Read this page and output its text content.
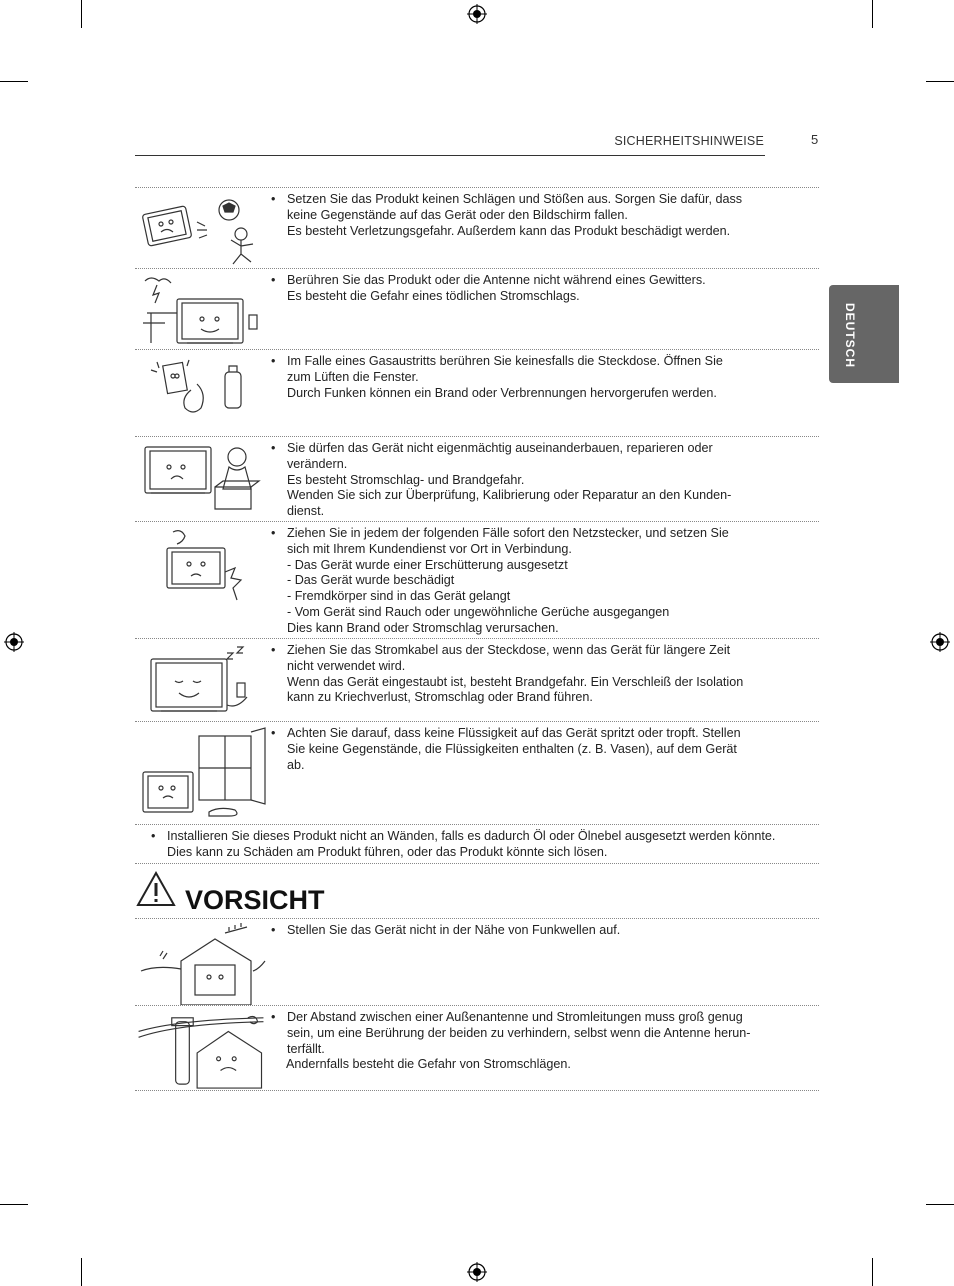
SICHERHEITSHINWEISE	5
DEUTSCH
• Setzen Sie das Produkt keinen Schlägen und Stößen aus. Sorgen Sie dafür, dass
keine Gegenstände auf das Gerät oder den Bildschirm fallen.
Es besteht Verletzungsgefahr. Außerdem kann das Produkt beschädigt werden.
• Berühren Sie das Produkt oder die Antenne nicht während eines Gewitters.
Es besteht die Gefahr eines tödlichen Stromschlags.
• Im Falle eines Gasaustritts berühren Sie keinesfalls die Steckdose. Öffnen Sie
zum Lüften die Fenster.
Durch Funken können ein Brand oder Verbrennungen hervorgerufen werden.
• Sie dürfen das Gerät nicht eigenmächtig auseinanderbauen, reparieren oder
verändern.
Es besteht Stromschlag- und Brandgefahr.
Wenden Sie sich zur Überprüfung, Kalibrierung oder Reparatur an den Kunden-
dienst.
• Ziehen Sie in jedem der folgenden Fälle sofort den Netzstecker, und setzen Sie
sich mit Ihrem Kundendienst vor Ort in Verbindung.
- Das Gerät wurde einer Erschütterung ausgesetzt
- Das Gerät wurde beschädigt
- Fremdkörper sind in das Gerät gelangt
- Vom Gerät sind Rauch oder ungewöhnliche Gerüche ausgegangen
Dies kann Brand oder Stromschlag verursachen.
• Ziehen Sie das Stromkabel aus der Steckdose, wenn das Gerät für längere Zeit
nicht verwendet wird.
Wenn das Gerät eingestaubt ist, besteht Brandgefahr. Ein Verschleiß der Isolation
kann zu Kriechverlust, Stromschlag oder Brand führen.
• Achten Sie darauf, dass keine Flüssigkeit auf das Gerät spritzt oder tropft. Stellen
Sie keine Gegenstände, die Flüssigkeiten enthalten (z. B. Vasen), auf dem Gerät
ab.
• Installieren Sie dieses Produkt nicht an Wänden, falls es dadurch Öl oder Ölnebel ausgesetzt werden könnte.
Dies kann zu Schäden am Produkt führen, oder das Produkt könnte sich lösen.
VORSICHT
• Stellen Sie das Gerät nicht in der Nähe von Funkwellen auf.
• Der Abstand zwischen einer Außenantenne und Stromleitungen muss groß genug
sein, um eine Berührung der beiden zu verhindern, selbst wenn die Antenne herun-
terfällt.
Andernfalls besteht die Gefahr von Stromschlägen.
